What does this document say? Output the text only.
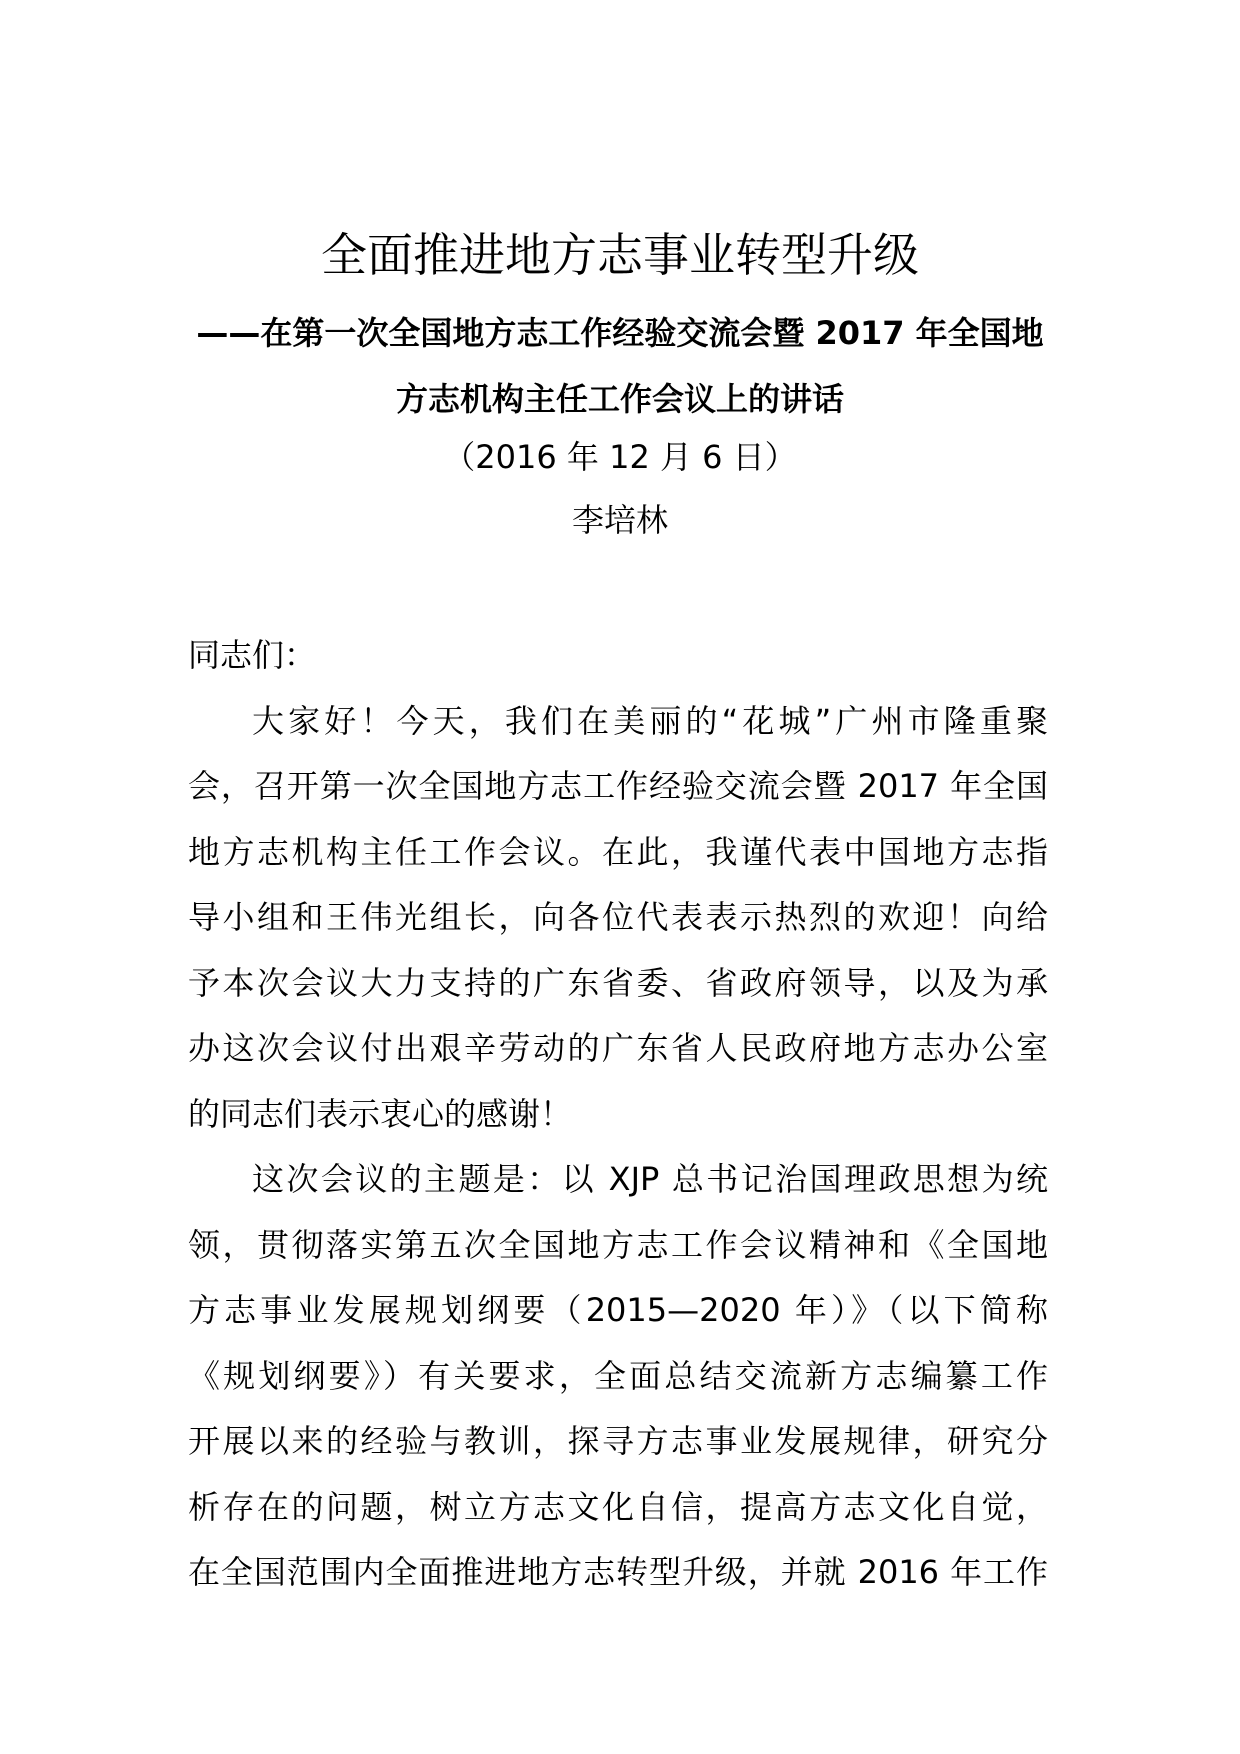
全面推进地方志事业转型升级
——在第一次全国地方志工作经验交流会暨 2017 年全国地
方志机构主任工作会议上的讲话
（2016 年 12 月 6 日）
李培林
同志们：
大家好！今天，我们在美丽的“花城”广州市隆重聚
会，召开第一次全国地方志工作经验交流会暨 2017 年全国
地方志机构主任工作会议。在此，我谨代表中国地方志指
导小组和王伟光组长，向各位代表表示热烈的欢迎！向给
予本次会议大力支持的广东省委、省政府领导，以及为承
办这次会议付出艰辛劳动的广东省人民政府地方志办公室
的同志们表示衷心的感谢！
这次会议的主题是：以 XJP 总书记治国理政思想为统
领，贯彻落实第五次全国地方志工作会议精神和《全国地
方志事业发展规划纲要（2015—2020 年）》（以下简称
《规划纲要》）有关要求，全面总结交流新方志编纂工作
开展以来的经验与教训，探寻方志事业发展规律，研究分
析存在的问题，树立方志文化自信，提高方志文化自觉，
在全国范围内全面推进地方志转型升级，并就 2016 年工作
